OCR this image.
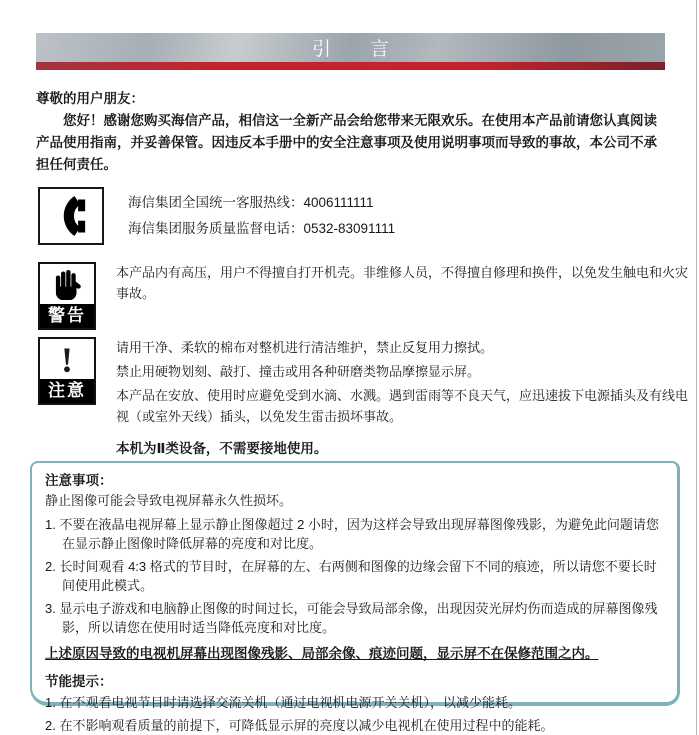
引　言
尊敬的用户朋友：
您好！感谢您购买海信产品，相信这一全新产品会给您带来无限欢乐。在使用本产品前请您认真阅读产品使用指南，并妥善保管。因违反本手册中的安全注意事项及使用说明事项而导致的事故，本公司不承担任何责任。
海信集团全国统一客服热线：4006111111
海信集团服务质量监督电话：0532-83091111
警告
本产品内有高压，用户不得擅自打开机壳。非维修人员，不得擅自修理和换件，以免发生触电和火灾事故。
!
注意
请用干净、柔软的棉布对整机进行清洁维护，禁止反复用力擦拭。
禁止用硬物划刻、敲打、撞击或用各种研磨类物品摩擦显示屏。
本产品在安放、使用时应避免受到水滴、水溅。遇到雷雨等不良天气，应迅速拔下电源插头及有线电视（或室外天线）插头，以免发生雷击损坏事故。
本机为Ⅱ类设备，不需要接地使用。
注意事项：
静止图像可能会导致电视屏幕永久性损坏。
1. 不要在液晶电视屏幕上显示静止图像超过 2 小时，因为这样会导致出现屏幕图像残影，为避免此问题请您在显示静止图像时降低屏幕的亮度和对比度。
2. 长时间观看 4:3 格式的节目时，在屏幕的左、右两侧和图像的边缘会留下不同的痕迹，所以请您不要长时间使用此模式。
3. 显示电子游戏和电脑静止图像的时间过长，可能会导致局部余像，出现因荧光屏灼伤而造成的屏幕图像残影，所以请您在使用时适当降低亮度和对比度。
上述原因导致的电视机屏幕出现图像残影、局部余像、痕迹问题，显示屏不在保修范围之内。
节能提示：
1. 在不观看电视节目时请选择交流关机（通过电视机电源开关关机），以减少能耗。
2. 在不影响观看质量的前提下，可降低显示屏的亮度以减少电视机在使用过程中的能耗。
